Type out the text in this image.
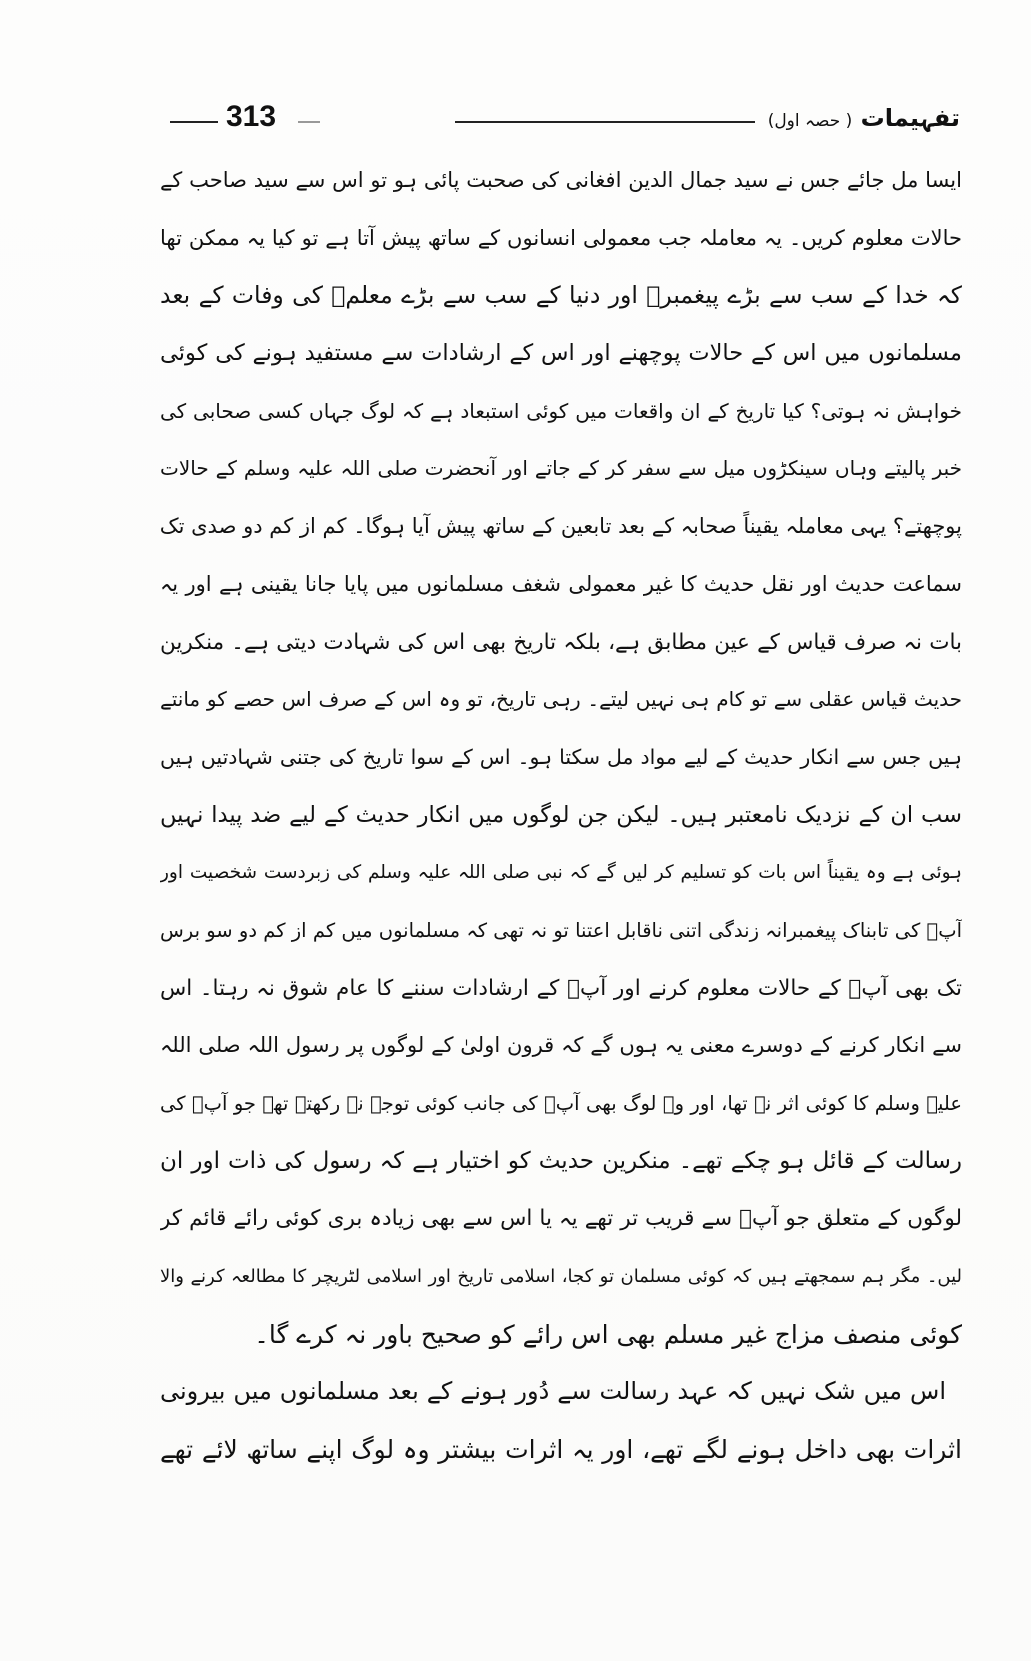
تفہیمات ( حصہ اول)
313
ایسا مل جائے جس نے سید جمال الدین افغانی کی صحبت پائی ہو تو اس سے سید صاحب کے
حالات معلوم کریں۔ یہ معاملہ جب معمولی انسانوں کے ساتھ پیش آتا ہے تو کیا یہ ممکن تھا
کہ خدا کے سب سے بڑے پیغمبرؐ اور دنیا کے سب سے بڑے معلمؐ کی وفات کے بعد
مسلمانوں میں اس کے حالات پوچھنے اور اس کے ارشادات سے مستفید ہونے کی کوئی
خواہش نہ ہوتی؟ کیا تاریخ کے ان واقعات میں کوئی استبعاد ہے کہ لوگ جہاں کسی صحابی کی
خبر پالیتے وہاں سینکڑوں میل سے سفر کر کے جاتے اور آنحضرت صلی اللہ علیہ وسلم کے حالات
پوچھتے؟ یہی معاملہ یقیناً صحابہ کے بعد تابعین کے ساتھ پیش آیا ہوگا۔ کم از کم دو صدی تک
سماعت حدیث اور نقل حدیث کا غیر معمولی شغف مسلمانوں میں پایا جانا یقینی ہے اور یہ
بات نہ صرف قیاس کے عین مطابق ہے، بلکہ تاریخ بھی اس کی شہادت دیتی ہے۔ منکرین
حدیث قیاس عقلی سے تو کام ہی نہیں لیتے۔ رہی تاریخ، تو وہ اس کے صرف اس حصے کو مانتے
ہیں جس سے انکار حدیث کے لیے مواد مل سکتا ہو۔ اس کے سوا تاریخ کی جتنی شہادتیں ہیں
سب ان کے نزدیک نامعتبر ہیں۔ لیکن جن لوگوں میں انکار حدیث کے لیے ضد پیدا نہیں
ہوئی ہے وہ یقیناً اس بات کو تسلیم کر لیں گے کہ نبی صلی اللہ علیہ وسلم کی زبردست شخصیت اور
آپؐ کی تابناک پیغمبرانہ زندگی اتنی ناقابل اعتنا تو نہ تھی کہ مسلمانوں میں کم از کم دو سو برس
تک بھی آپؐ کے حالات معلوم کرنے اور آپؐ کے ارشادات سننے کا عام شوق نہ رہتا۔ اس
سے انکار کرنے کے دوسرے معنی یہ ہوں گے کہ قرون اولیٰ کے لوگوں پر رسول اللہ صلی اللہ
علیہ وسلم کا کوئی اثر نہ تھا، اور وہ لوگ بھی آپؐ کی جانب کوئی توجہ نہ رکھتے تھے جو آپؐ کی
رسالت کے قائل ہو چکے تھے۔ منکرین حدیث کو اختیار ہے کہ رسول کی ذات اور ان
لوگوں کے متعلق جو آپؐ سے قریب تر تھے یہ یا اس سے بھی زیادہ بری کوئی رائے قائم کر
لیں۔ مگر ہم سمجھتے ہیں کہ کوئی مسلمان تو کجا، اسلامی تاریخ اور اسلامی لٹریچر کا مطالعہ کرنے والا
کوئی منصف مزاج غیر مسلم بھی اس رائے کو صحیح باور نہ کرے گا۔
اس میں شک نہیں کہ عہد رسالت سے دُور ہونے کے بعد مسلمانوں میں بیرونی
اثرات بھی داخل ہونے لگے تھے، اور یہ اثرات بیشتر وہ لوگ اپنے ساتھ لائے تھے
